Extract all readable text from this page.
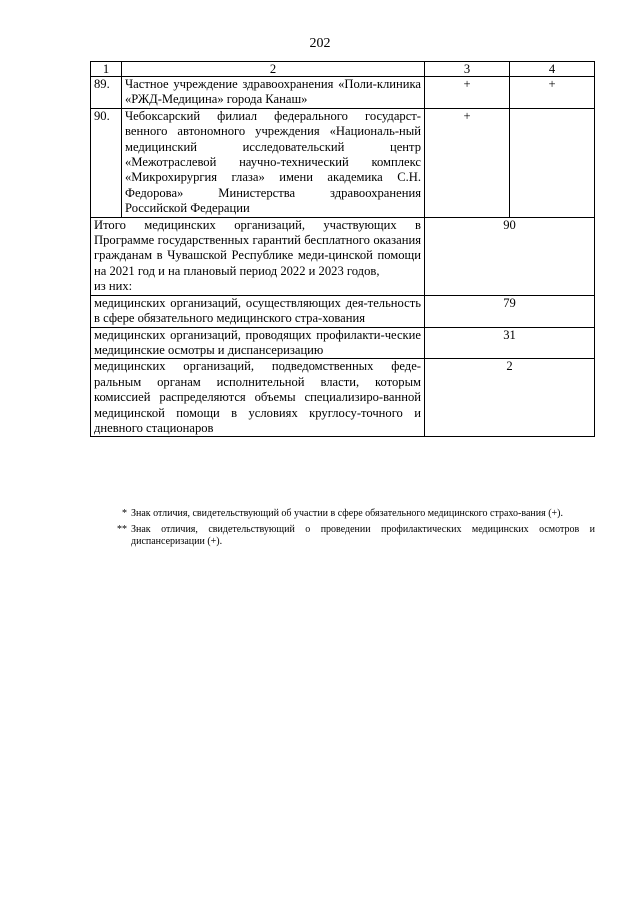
202
1	2	3	4
89.	Частное учреждение здравоохранения «Поли-клиника «РЖД-Медицина» города Канаш»	+	+
90.	Чебоксарский филиал федерального государст-венного автономного учреждения «Националь-ный медицинский исследовательский центр «Межотраслевой научно-технический комплекс «Микрохирургия глаза» имени академика С.Н. Федорова» Министерства здравоохранения Российской Федерации	+	

Итого медицинских организаций, участвующих в Программе государственных гарантий бесплатного оказания гражданам в Чувашской Республике меди-цинской помощи на 2021 год и на плановый период 2022 и 2023 годов,
из них:		90	
медицинских организаций, осуществляющих дея-тельность в сфере обязательного медицинского стра-хования		79	
медицинских организаций, проводящих профилакти-ческие медицинские осмотры и диспансеризацию		31	
медицинских организаций, подведомственных феде-ральным органам исполнительной власти, которым комиссией распределяются объемы специализиро-ванной медицинской помощи в условиях круглосу-точного и дневного стационаров		2	
* Знак отличия, свидетельствующий об участии в сфере обязательного медицинского страхо-вания (+).
** Знак отличия, свидетельствующий о проведении профилактических медицинских осмотров и диспансеризации (+).
